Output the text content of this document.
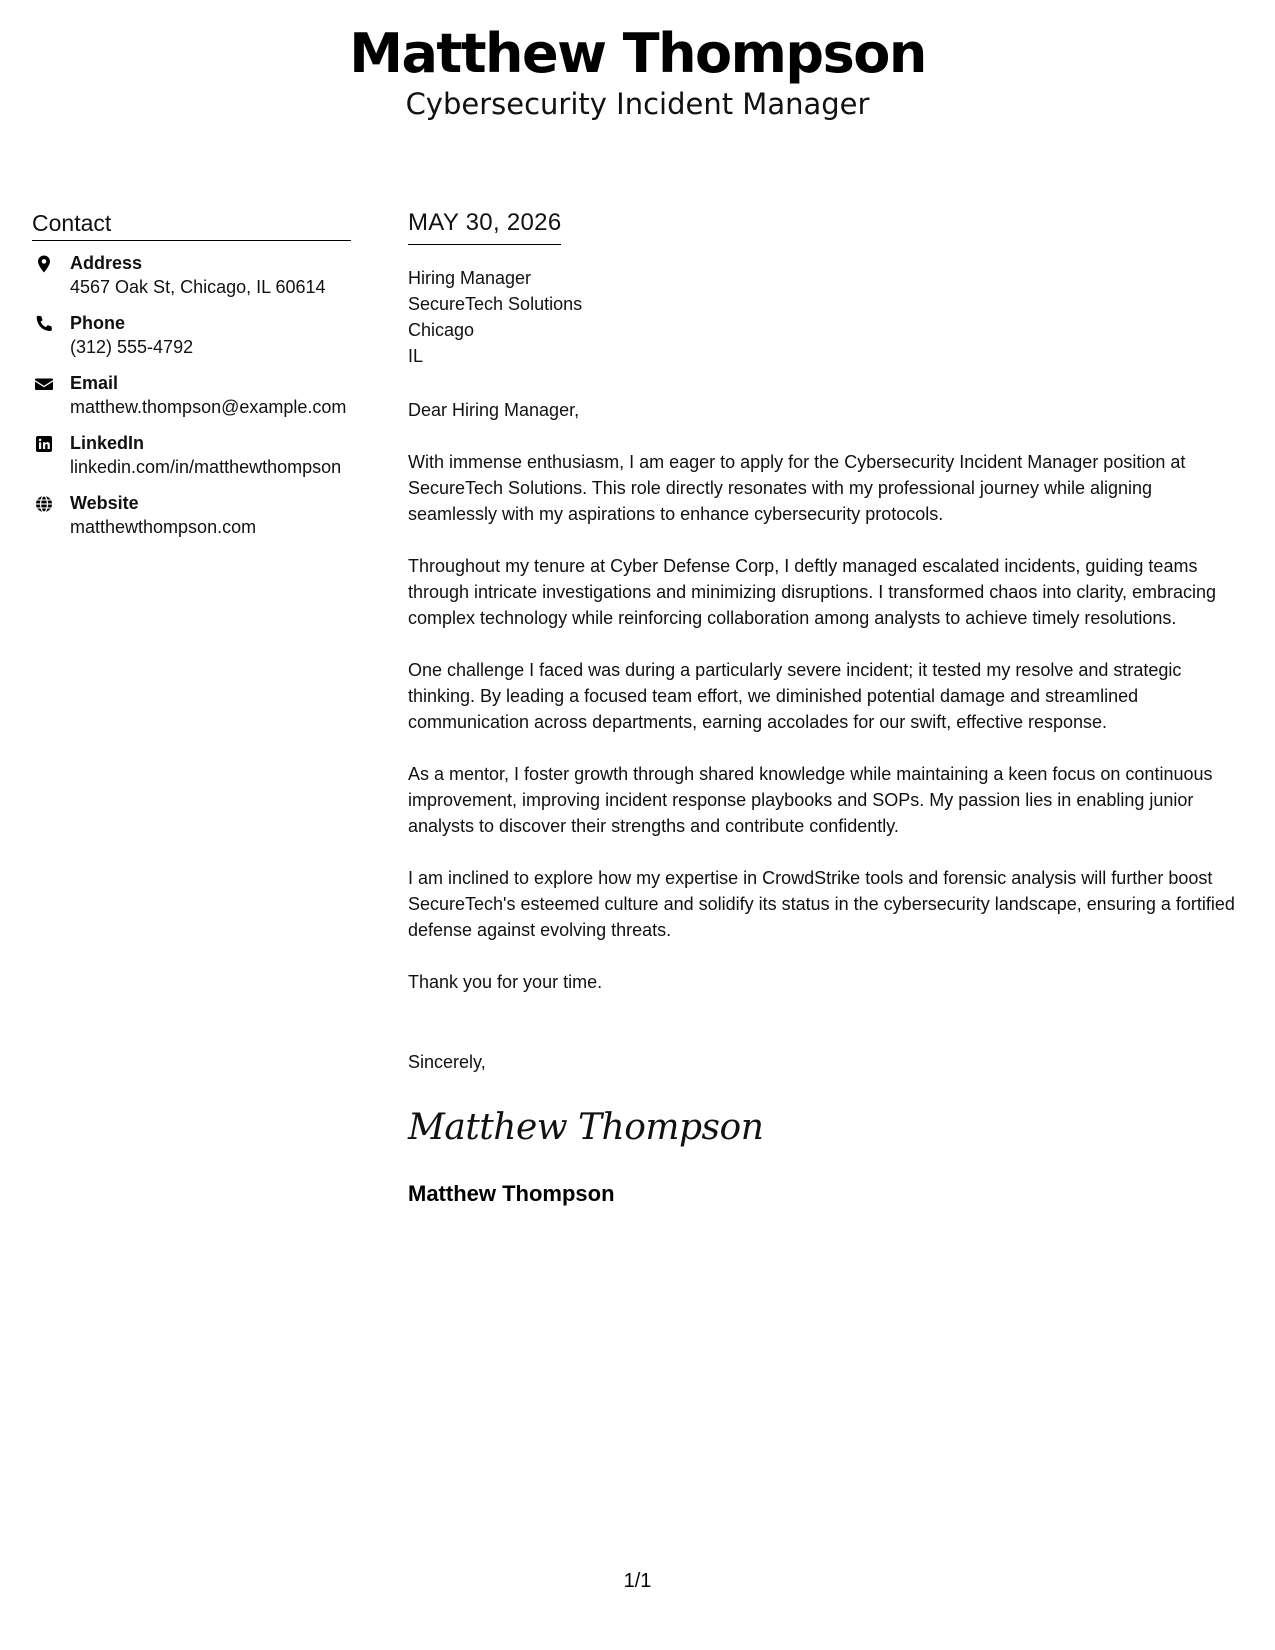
Matthew Thompson
Cybersecurity Incident Manager
Contact
Address
4567 Oak St, Chicago, IL 60614
Phone
(312) 555-4792
Email
matthew.thompson@example.com
LinkedIn
linkedin.com/in/matthewthompson
Website
matthewthompson.com
MAY 30, 2026
Hiring Manager
SecureTech Solutions
Chicago
IL
Dear Hiring Manager,
With immense enthusiasm, I am eager to apply for the Cybersecurity Incident Manager position at SecureTech Solutions. This role directly resonates with my professional journey while aligning seamlessly with my aspirations to enhance cybersecurity protocols.
Throughout my tenure at Cyber Defense Corp, I deftly managed escalated incidents, guiding teams through intricate investigations and minimizing disruptions. I transformed chaos into clarity, embracing complex technology while reinforcing collaboration among analysts to achieve timely resolutions.
One challenge I faced was during a particularly severe incident; it tested my resolve and strategic thinking. By leading a focused team effort, we diminished potential damage and streamlined communication across departments, earning accolades for our swift, effective response.
As a mentor, I foster growth through shared knowledge while maintaining a keen focus on continuous improvement, improving incident response playbooks and SOPs. My passion lies in enabling junior analysts to discover their strengths and contribute confidently.
I am inclined to explore how my expertise in CrowdStrike tools and forensic analysis will further boost SecureTech's esteemed culture and solidify its status in the cybersecurity landscape, ensuring a fortified defense against evolving threats.
Thank you for your time.
Sincerely,
Matthew Thompson
Matthew Thompson
1/1
